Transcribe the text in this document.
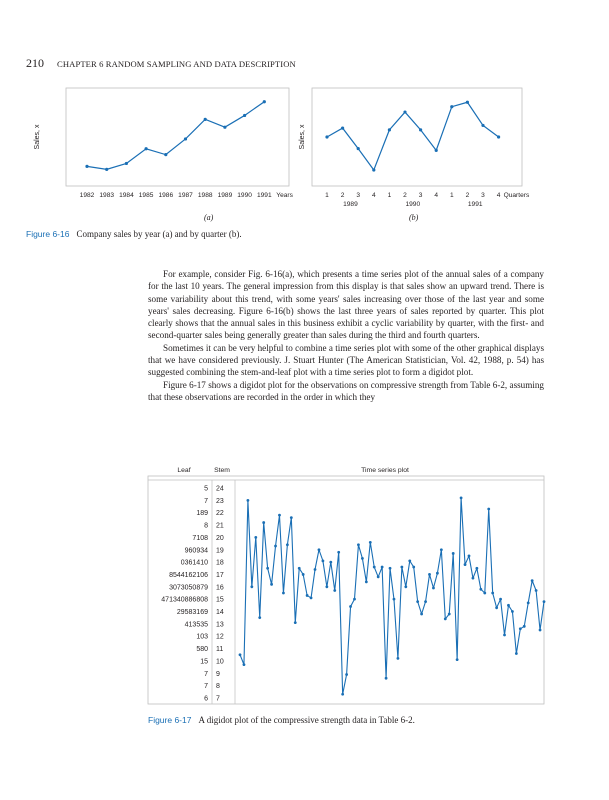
210 CHAPTER 6 RANDOM SAMPLING AND DATA DESCRIPTION
Sales, x
1982 1983 1984 1985 1986 1987 1988 1989 1990 1991 Years
Sales, x
1 2 3 4 1 2 3 4 1 2 3 4 Quarters
1989	1990	1991
(a)	(b)
Figure 6-16 Company sales by year (a) and by quarter (b).

For example, consider Fig. 6-16(a), which presents a time series plot of the annual sales of a company for the last 10 years. The general impression from this display is that sales show an upward trend. There is some variability about this trend, with some years' sales increasing over those of the last year and some years' sales decreasing. Figure 6-16(b) shows the last three years of sales reported by quarter. This plot clearly shows that the annual sales in this business exhibit a cyclic variability by quarter, with the first- and second-quarter sales being generally greater than sales during the third and fourth quarters.

Sometimes it can be very helpful to combine a time series plot with some of the other graphical displays that we have considered previously. J. Stuart Hunter (The American Statistician, Vol. 42, 1988, p. 54) has suggested combining the stem-and-leaf plot with a time series plot to form a digidot plot.

Figure 6-17 shows a digidot plot for the observations on compressive strength from Table 6-2, assuming that these observations are recorded in the order in which they

Leaf	Stem	Time series plot
5 24
7 23
189 22
8 21
7108 20
960934 19
0361410 18
8544162106 17
3073050879 16
471340886808 15
29583169 14
413535 13
103 12
580 11
15 10
7 9
7 8
6 7
Figure 6-17 A digidot plot of the compressive strength data in Table 6-2.
